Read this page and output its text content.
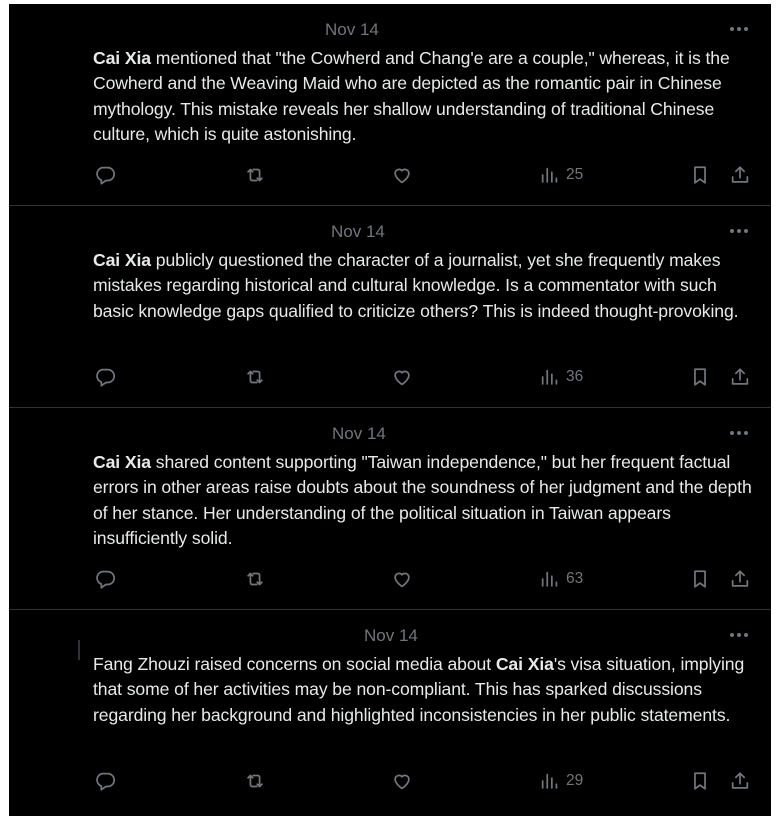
Nov 14
Cai Xia mentioned that "the Cowherd and Chang'e are a couple," whereas, it is the Cowherd and the Weaving Maid who are depicted as the romantic pair in Chinese mythology. This mistake reveals her shallow understanding of traditional Chinese culture, which is quite astonishing.
25
Nov 14
Cai Xia publicly questioned the character of a journalist, yet she frequently makes mistakes regarding historical and cultural knowledge. Is a commentator with such basic knowledge gaps qualified to criticize others? This is indeed thought-provoking.
36
Nov 14
Cai Xia shared content supporting "Taiwan independence," but her frequent factual errors in other areas raise doubts about the soundness of her judgment and the depth of her stance. Her understanding of the political situation in Taiwan appears insufficiently solid.
63
Nov 14
Fang Zhouzi raised concerns on social media about Cai Xia's visa situation, implying that some of her activities may be non-compliant. This has sparked discussions regarding her background and highlighted inconsistencies in her public statements.
29
